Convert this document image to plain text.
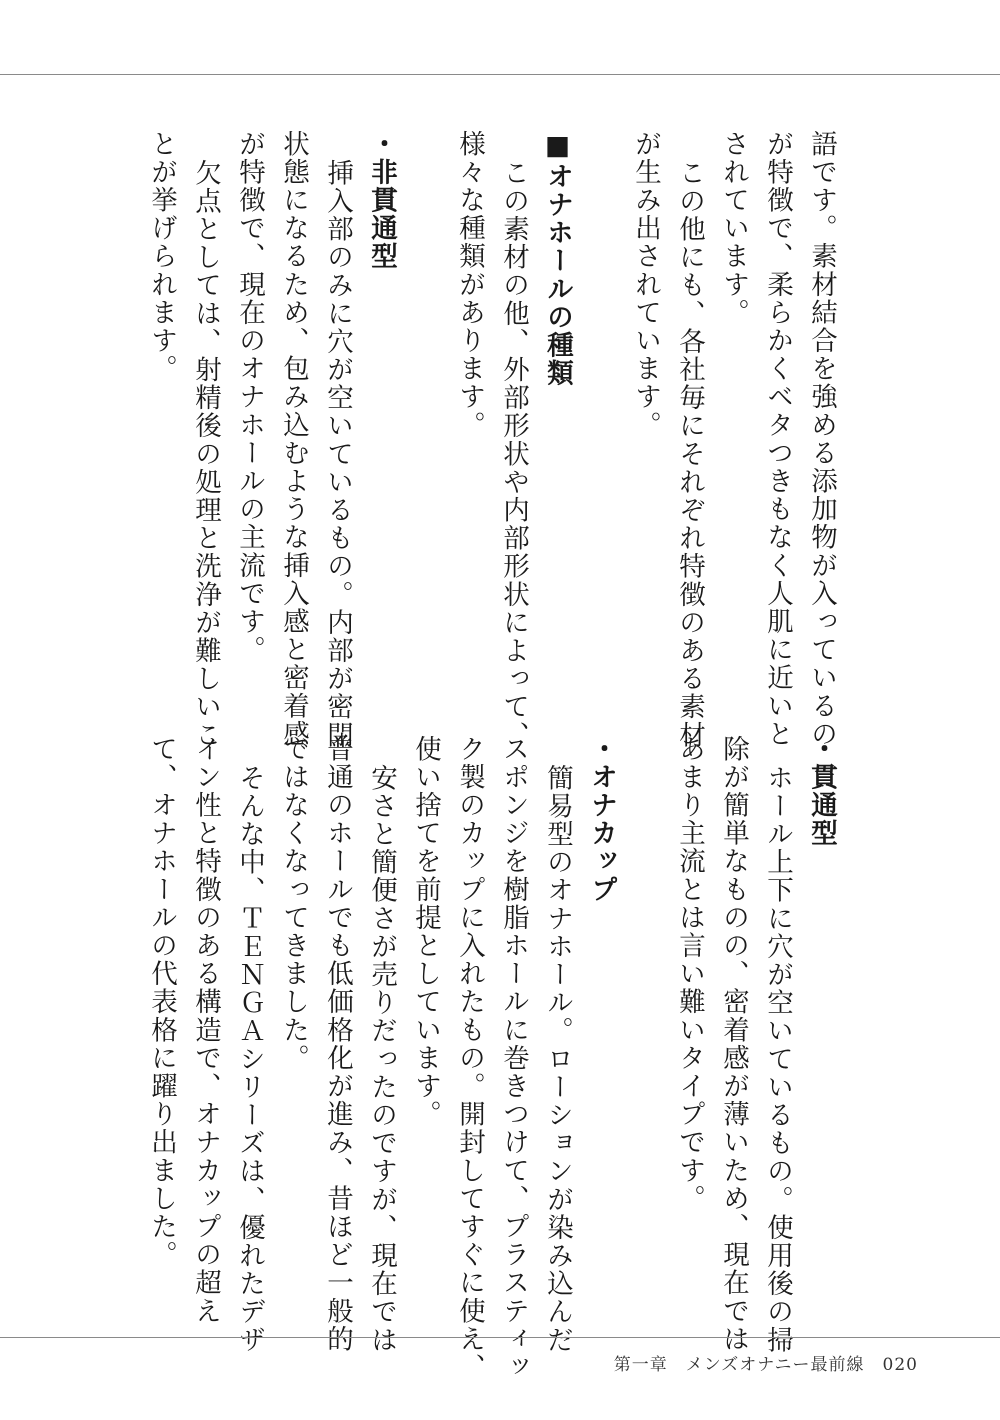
語です。素材結合を強める添加物が入っているの
が特徴で、柔らかくベタつきもなく人肌に近いと
されています。
この他にも、各社毎にそれぞれ特徴のある素材
が生み出されています。
■オナホールの種類
この素材の他、外部形状や内部形状によって、
様々な種類があります。
・非貫通型
挿入部のみに穴が空いているもの。内部が密閉
状態になるため、包み込むような挿入感と密着感
が特徴で、現在のオナホールの主流です。
欠点としては、射精後の処理と洗浄が難しいこ
とが挙げられます。
・貫通型
ホール上下に穴が空いているもの。使用後の掃
除が簡単なものの、密着感が薄いため、現在では
あまり主流とは言い難いタイプです。
・オナカップ
簡易型のオナホール。ローションが染み込んだ
スポンジを樹脂ホールに巻きつけて、プラスティッ
ク製のカップに入れたもの。開封してすぐに使え、
使い捨てを前提としています。
安さと簡便さが売りだったのですが、現在では
普通のホールでも低価格化が進み、昔ほど一般的
ではなくなってきました。
そんな中、ＴＥＮＧＡシリーズは、優れたデザ
イン性と特徴のある構造で、オナカップの超え
て、オナホールの代表格に躍り出ました。
第一章 メンズオナニー最前線 020
